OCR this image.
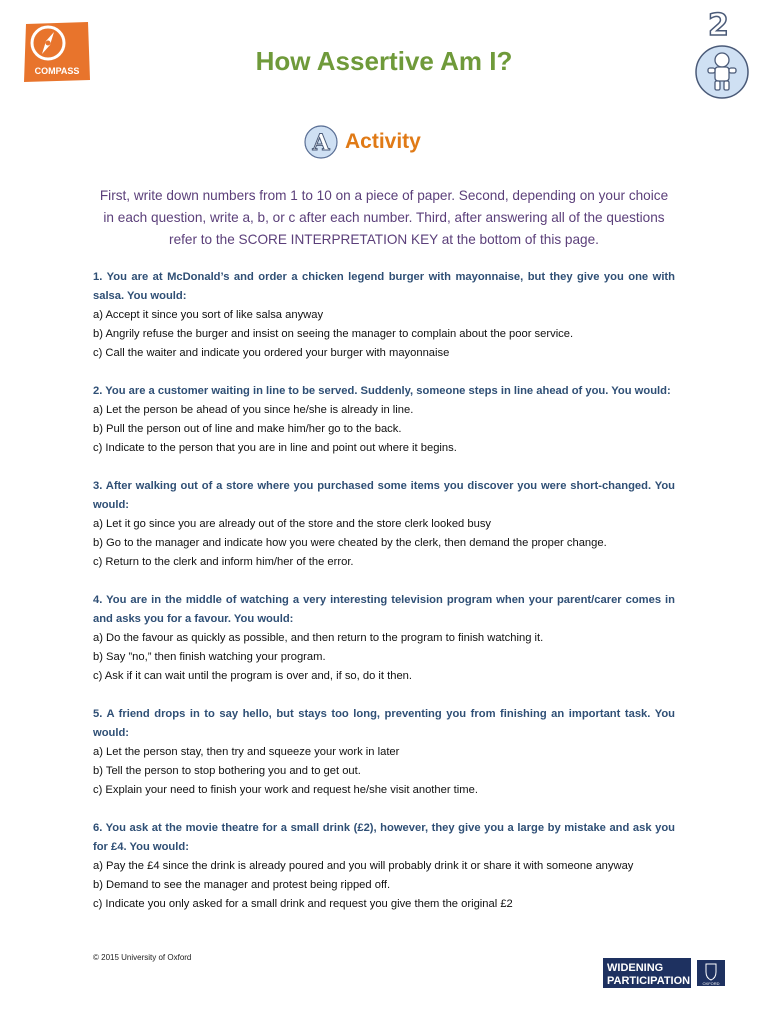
COMPASS	How Assertive Am I?
2
A Activity
First, write down numbers from 1 to 10 on a piece of paper. Second, depending on your choice
in each question, write a, b, or c after each number. Third, after answering all of the questions
refer to the SCORE INTERPRETATION KEY at the bottom of this page.
1. You are at McDonald’s and order a chicken legend burger with mayonnaise, but they give you one with salsa. You would:
a) Accept it since you sort of like salsa anyway
b) Angrily refuse the burger and insist on seeing the manager to complain about the poor service.
c) Call the waiter and indicate you ordered your burger with mayonnaise
2. You are a customer waiting in line to be served. Suddenly, someone steps in line ahead of you. You would:
a) Let the person be ahead of you since he/she is already in line.
b) Pull the person out of line and make him/her go to the back.
c) Indicate to the person that you are in line and point out where it begins.
3. After walking out of a store where you purchased some items you discover you were short-changed. You would:
a) Let it go since you are already out of the store and the store clerk looked busy
b) Go to the manager and indicate how you were cheated by the clerk, then demand the proper change.
c) Return to the clerk and inform him/her of the error.
4. You are in the middle of watching a very interesting television program when your parent/carer comes in and asks you for a favour. You would:
a) Do the favour as quickly as possible, and then return to the program to finish watching it.
b) Say ”no,” then finish watching your program.
c) Ask if it can wait until the program is over and, if so, do it then.
5. A friend drops in to say hello, but stays too long, preventing you from finishing an important task. You would:
a) Let the person stay, then try and squeeze your work in later
b) Tell the person to stop bothering you and to get out.
c) Explain your need to finish your work and request he/she visit another time.
6. You ask at the movie theatre for a small drink (£2), however, they give you a large by mistake and ask you for £4. You would:
a) Pay the £4 since the drink is already poured and you will probably drink it or share it with someone anyway
b) Demand to see the manager and protest being ripped off.
c) Indicate you only asked for a small drink and request you give them the original £2
© 2015 University of Oxford
WIDENING
PARTICIPATION	OXFORD
